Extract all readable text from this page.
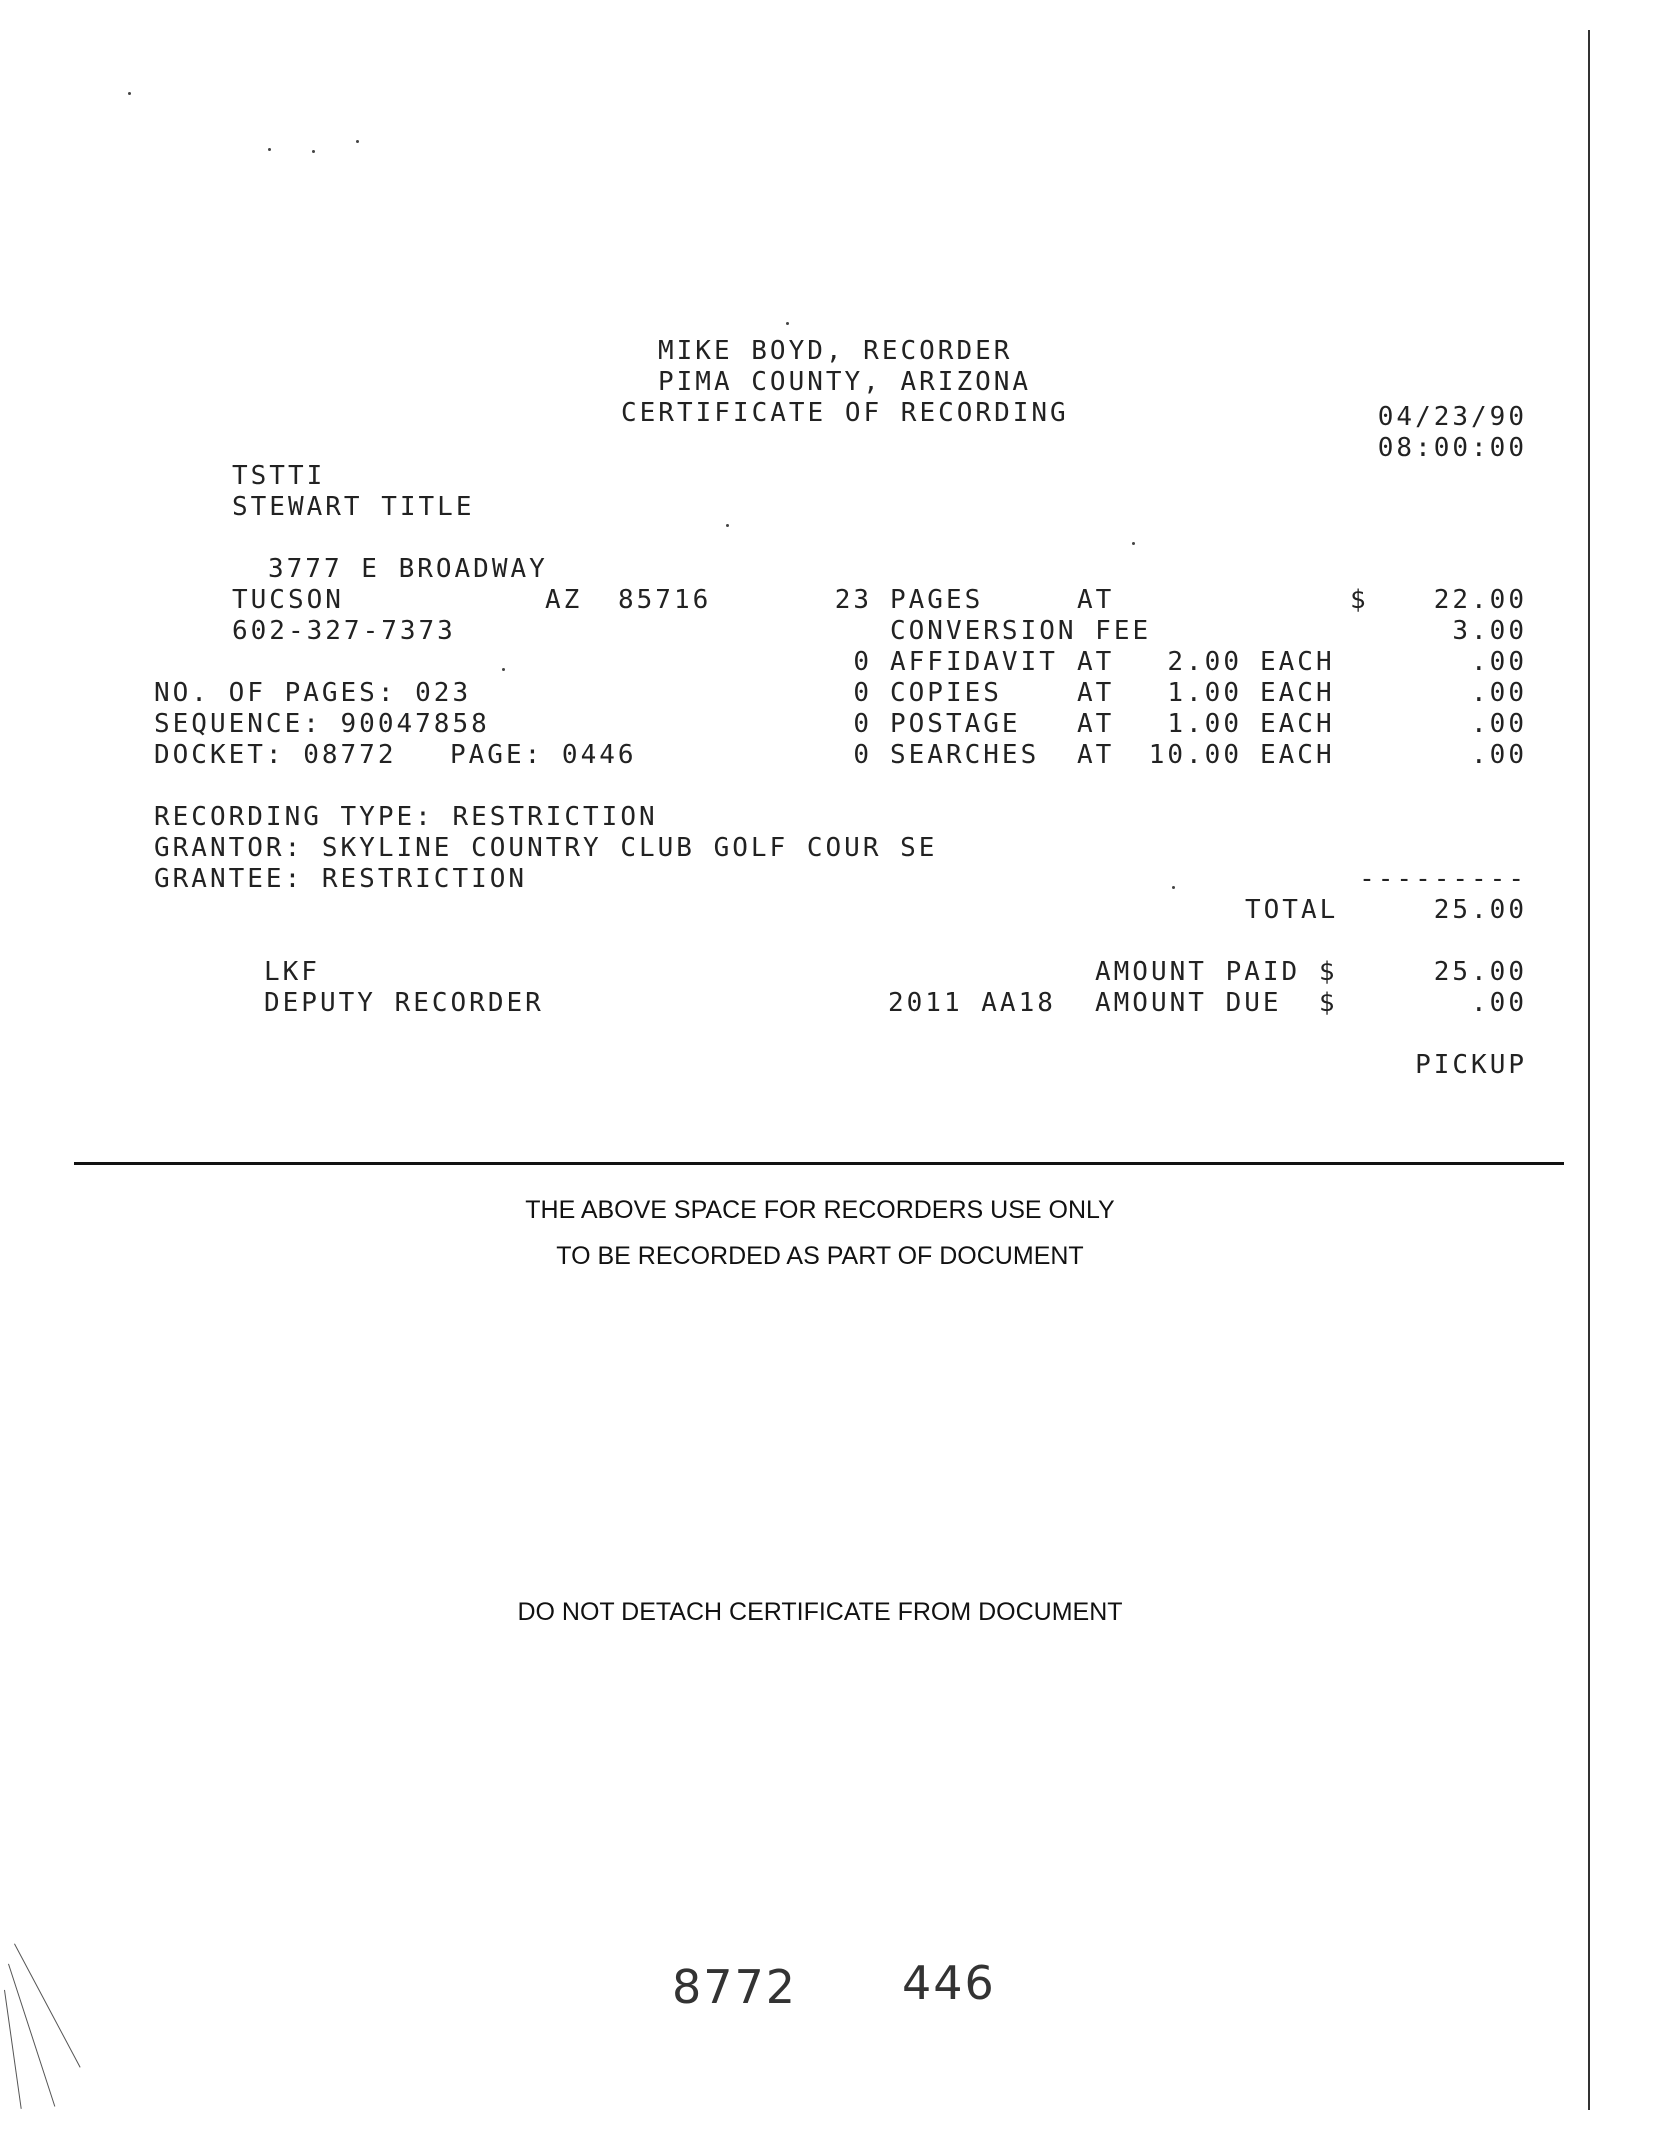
MIKE BOYD, RECORDER
PIMA COUNTY, ARIZONA
CERTIFICATE OF RECORDING	04/23/90
08:00:00
TSTTI
STEWART TITLE
3777 E BROADWAY
TUCSON	AZ 85716
602-327-7373
NO. OF PAGES: 023
SEQUENCE: 90047858
DOCKET: 08772 PAGE: 0446
23 PAGES	AT	$	22.00
CONVERSION FEE	3.00
0 AFFIDAVIT AT	2.00 EACH	.00
0 COPIES	AT	1.00 EACH	.00
0 POSTAGE AT	1.00 EACH	.00
0 SEARCHES AT	10.00 EACH	.00
RECORDING TYPE: RESTRICTION
GRANTOR: SKYLINE COUNTRY CLUB GOLF COUR SE
GRANTEE: RESTRICTION	---------
TOTAL	25.00
LKF
DEPUTY RECORDER
AMOUNT PAID $	25.00
2011 AA18 AMOUNT DUE  $	.00
PICKUP
THE ABOVE SPACE FOR RECORDERS USE ONLY
TO BE RECORDED AS PART OF DOCUMENT
DO NOT DETACH CERTIFICATE FROM DOCUMENT
8772 446
